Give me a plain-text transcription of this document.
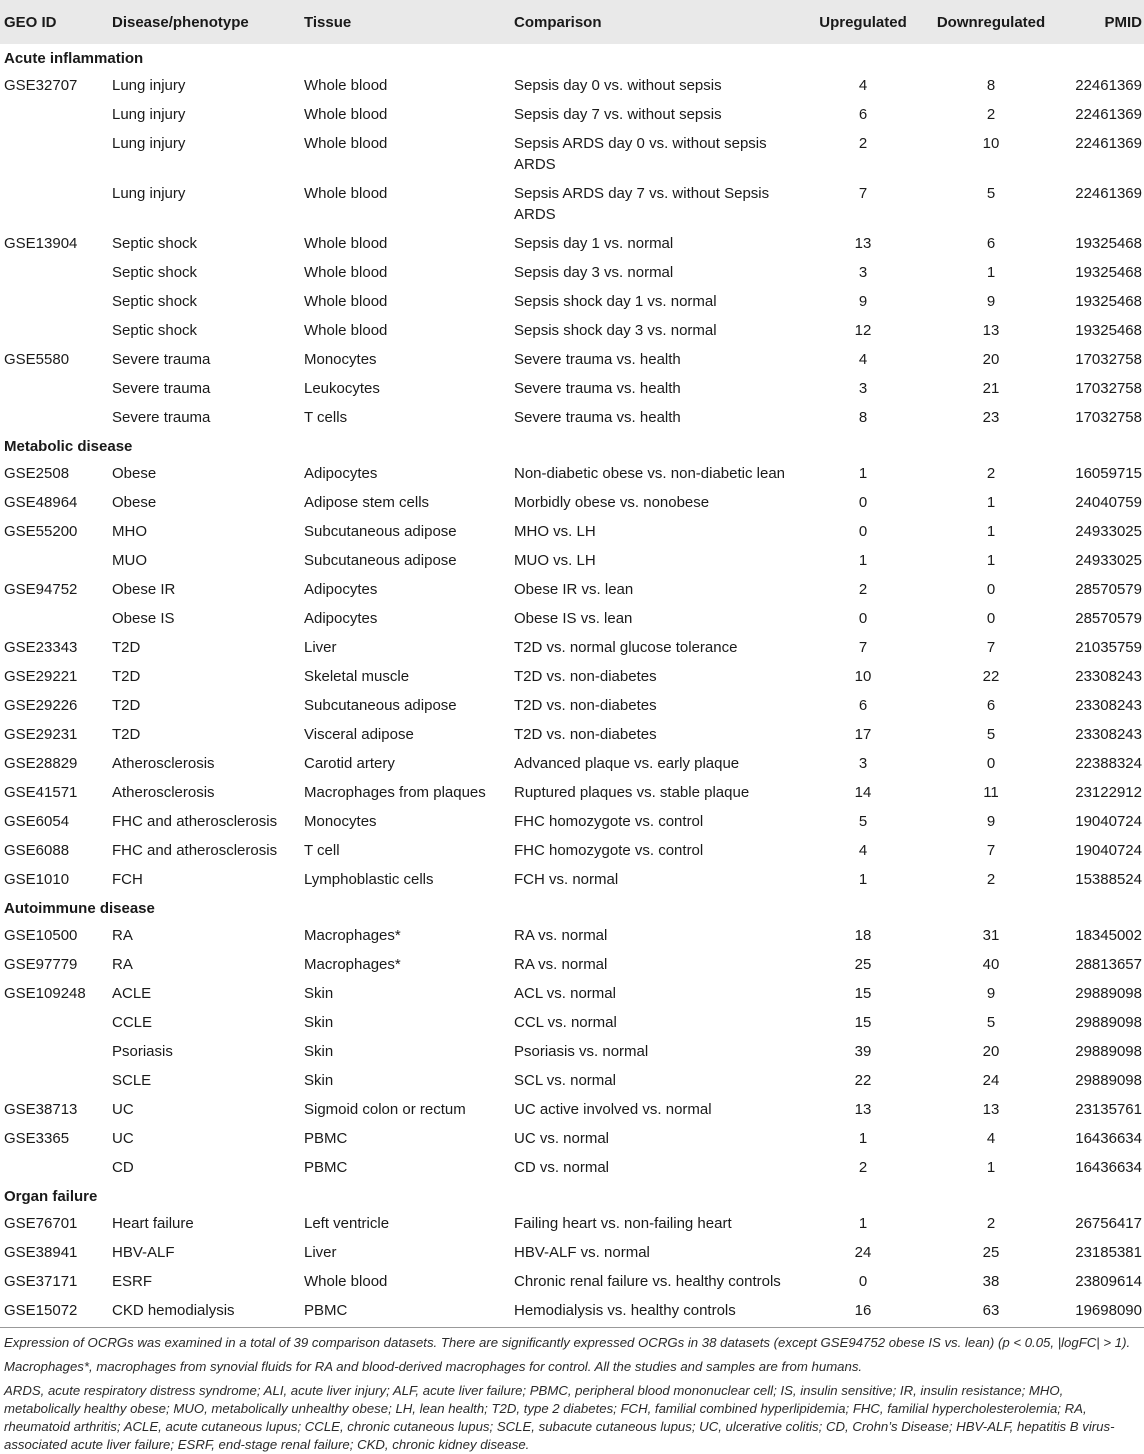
GEO ID	Disease/phenotype	Tissue	Comparison	Upregulated	Downregulated	PMID
Acute inflammation						
GSE32707	Lung injury	Whole blood	Sepsis day 0 vs. without sepsis	4	8	22461369
	Lung injury	Whole blood	Sepsis day 7 vs. without sepsis	6	2	22461369
	Lung injury	Whole blood	Sepsis ARDS day 0 vs. without sepsis ARDS	2	10	22461369
	Lung injury	Whole blood	Sepsis ARDS day 7 vs. without Sepsis ARDS	7	5	22461369
GSE13904	Septic shock	Whole blood	Sepsis day 1 vs. normal	13	6	19325468
	Septic shock	Whole blood	Sepsis day 3 vs. normal	3	1	19325468
	Septic shock	Whole blood	Sepsis shock day 1 vs. normal	9	9	19325468
	Septic shock	Whole blood	Sepsis shock day 3 vs. normal	12	13	19325468
GSE5580	Severe trauma	Monocytes	Severe trauma vs. health	4	20	17032758
	Severe trauma	Leukocytes	Severe trauma vs. health	3	21	17032758
	Severe trauma	T cells	Severe trauma vs. health	8	23	17032758
Metabolic disease						
GSE2508	Obese	Adipocytes	Non-diabetic obese vs. non-diabetic lean	1	2	16059715
GSE48964	Obese	Adipose stem cells	Morbidly obese vs. nonobese	0	1	24040759
GSE55200	MHO	Subcutaneous adipose	MHO vs. LH	0	1	24933025
	MUO	Subcutaneous adipose	MUO vs. LH	1	1	24933025
GSE94752	Obese IR	Adipocytes	Obese IR vs. lean	2	0	28570579
	Obese IS	Adipocytes	Obese IS vs. lean	0	0	28570579
GSE23343	T2D	Liver	T2D vs. normal glucose tolerance	7	7	21035759
GSE29221	T2D	Skeletal muscle	T2D vs. non-diabetes	10	22	23308243
GSE29226	T2D	Subcutaneous adipose	T2D vs. non-diabetes	6	6	23308243
GSE29231	T2D	Visceral adipose	T2D vs. non-diabetes	17	5	23308243
GSE28829	Atherosclerosis	Carotid artery	Advanced plaque vs. early plaque	3	0	22388324
GSE41571	Atherosclerosis	Macrophages from plaques	Ruptured plaques vs. stable plaque	14	11	23122912
GSE6054	FHC and atherosclerosis	Monocytes	FHC homozygote vs. control	5	9	19040724
GSE6088	FHC and atherosclerosis	T cell	FHC homozygote vs. control	4	7	19040724
GSE1010	FCH	Lymphoblastic cells	FCH vs. normal	1	2	15388524
Autoimmune disease						
GSE10500	RA	Macrophages*	RA vs. normal	18	31	18345002
GSE97779	RA	Macrophages*	RA vs. normal	25	40	28813657
GSE109248	ACLE	Skin	ACL vs. normal	15	9	29889098
	CCLE	Skin	CCL vs. normal	15	5	29889098
	Psoriasis	Skin	Psoriasis vs. normal	39	20	29889098
	SCLE	Skin	SCL vs. normal	22	24	29889098
GSE38713	UC	Sigmoid colon or rectum	UC active involved vs. normal	13	13	23135761
GSE3365	UC	PBMC	UC vs. normal	1	4	16436634
	CD	PBMC	CD vs. normal	2	1	16436634
Organ failure						
GSE76701	Heart failure	Left ventricle	Failing heart vs. non-failing heart	1	2	26756417
GSE38941	HBV-ALF	Liver	HBV-ALF vs. normal	24	25	23185381
GSE37171	ESRF	Whole blood	Chronic renal failure vs. healthy controls	0	38	23809614
GSE15072	CKD hemodialysis	PBMC	Hemodialysis vs. healthy controls	16	63	19698090

Expression of OCRGs was examined in a total of 39 comparison datasets. There are significantly expressed OCRGs in 38 datasets (except GSE94752 obese IS vs. lean) (p < 0.05, |logFC| > 1).

Macrophages*, macrophages from synovial fluids for RA and blood-derived macrophages for control. All the studies and samples are from humans.

ARDS, acute respiratory distress syndrome; ALI, acute liver injury; ALF, acute liver failure; PBMC, peripheral blood mononuclear cell; IS, insulin sensitive; IR, insulin resistance; MHO, metabolically healthy obese; MUO, metabolically unhealthy obese; LH, lean health; T2D, type 2 diabetes; FCH, familial combined hyperlipidemia; FHC, familial hypercholesterolemia; RA, rheumatoid arthritis; ACLE, acute cutaneous lupus; CCLE, chronic cutaneous lupus; SCLE, subacute cutaneous lupus; UC, ulcerative colitis; CD, Crohn’s Disease; HBV-ALF, hepatitis B virus-associated acute liver failure; ESRF, end-stage renal failure; CKD, chronic kidney disease.
